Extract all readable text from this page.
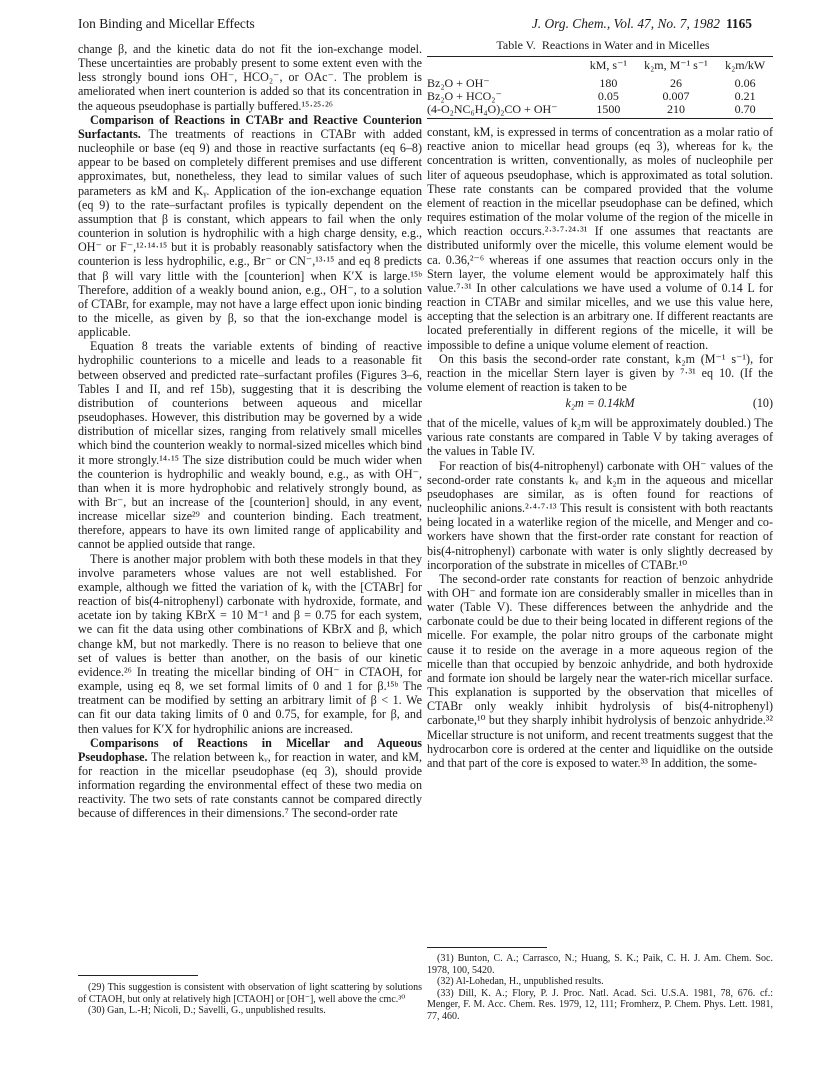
Ion Binding and Micellar Effects	J. Org. Chem., Vol. 47, No. 7, 1982 1165

change β, and the kinetic data do not fit the ion-exchange model. These uncertainties are probably present to some extent even with the less strongly bound ions OH⁻, HCO₂⁻, or OAc⁻. The problem is ameliorated when inert counterion is added so that its concentration in the aqueous pseudophase is partially buffered.¹⁵·²⁵·²⁶

Comparison of Reactions in CTABr and Reactive Counterion Surfactants. The treatments of reactions in CTABr with added nucleophile or base (eq 9) and those in reactive surfactants (eq 6–8) appear to be based on completely different premises and use different approximates, but, nonetheless, they lead to similar values of such parameters as kM and Kᵧ. Application of the ion-exchange equation (eq 9) to the rate–surfactant profiles is typically dependent on the assumption that β is constant, which appears to fail when the only counterion in solution is hydrophilic with a high charge density, e.g., OH⁻ or F⁻,¹²·¹⁴·¹⁵ but it is probably reasonably satisfactory when the counterion is less hydrophilic, e.g., Br⁻ or CN⁻,¹³·¹⁵ and eq 8 predicts that β will vary little with the [counterion] when K′X is large.¹⁵ᵇ Therefore, addition of a weakly bound anion, e.g., OH⁻, to a solution of CTABr, for example, may not have a large effect upon ionic binding to the micelle, as given by β, so that the ion-exchange model is applicable.

Equation 8 treats the variable extents of binding of reactive hydrophilic counterions to a micelle and leads to a reasonable fit between observed and predicted rate–surfactant profiles (Figures 3–6, Tables I and II, and ref 15b), suggesting that it is describing the distribution of counterions between aqueous and micellar pseudophases. However, this distribution may be governed by a wide distribution of micellar sizes, ranging from relatively small micelles which bind the counterion weakly to normal-sized micelles which bind it more strongly.¹⁴·¹⁵ The size distribution could be much wider when the counterion is hydrophilic and weakly bound, e.g., as with OH⁻, than when it is more hydrophobic and relatively strongly bound, as with Br⁻, but an increase of the [counterion] should, in any event, increase micellar size²⁹ and counterion binding. Each treatment, therefore, appears to have its own limited range of applicability and cannot be applied outside that range.

There is another major problem with both these models in that they involve parameters whose values are not well established. For example, although we fitted the variation of kᵧ with the [CTABr] for reaction of bis(4-nitrophenyl) carbonate with hydroxide, formate, and acetate ion by taking KBrX = 10 M⁻¹ and β = 0.75 for each system, we can fit the data using other combinations of KBrX and β, which change kM, but not markedly. There is no reason to believe that one set of values is better than another, on the basis of our kinetic evidence.²⁶ In treating the micellar binding of OH⁻ in CTAOH, for example, using eq 8, we set formal limits of 0 and 1 for β.¹⁵ᵇ The treatment can be modified by setting an arbitrary limit of β < 1. We can fit our data taking limits of 0 and 0.75, for example, for β, and then values for K′X for hydrophilic anions are increased.

Comparisons of Reactions in Micellar and Aqueous Pseudophase. The relation between kᵥ, for reaction in water, and kM, for reaction in the micellar pseudophase (eq 3), should provide information regarding the environmental effect of these two media on reactivity. The two sets of rate constants cannot be compared directly because of differences in their dimensions.⁷ The second-order rate

Table V. Reactions in Water and in Micelles
	kM, s⁻¹	k₂m, M⁻¹ s⁻¹	k₂m/kW
Bz₂O + OH⁻	180	26	0.06
Bz₂O + HCO₂⁻	0.05	0.007	0.21
(4-O₂NC₆H₄O)₂CO + OH⁻	1500	210	0.70

constant, kM, is expressed in terms of concentration as a molar ratio of reactive anion to micellar head groups (eq 3), whereas for kᵥ the concentration is written, conventionally, as moles of nucleophile per liter of aqueous pseudophase, which is approximated as total solution. These rate constants can be compared provided that the volume element of reaction in the micellar pseudophase can be defined, which requires estimation of the molar volume of the region of the micelle in which reaction occurs.²·³·⁷·²⁴·³¹ If one assumes that reactants are distributed uniformly over the micelle, this volume element would be ca. 0.36,²⁻⁶ whereas if one assumes that reaction occurs only in the Stern layer, the volume element would be approximately half this value.⁷·³¹ In other calculations we have used a volume of 0.14 L for reaction in CTABr and similar micelles, and we use this value here, accepting that the selection is an arbitrary one. If different reactants are located preferentially in different regions of the micelle, it will be impossible to define a unique volume element of reaction.

On this basis the second-order rate constant, k₂m (M⁻¹ s⁻¹), for reaction in the micellar Stern layer is given by ⁷·³¹ eq 10. (If the volume element of reaction is taken to be

k₂m = 0.14kM	(10)

that of the micelle, values of k₂m will be approximately doubled.) The various rate constants are compared in Table V by taking averages of the values in Table IV.

For reaction of bis(4-nitrophenyl) carbonate with OH⁻ values of the second-order rate constants kᵥ and k₂m in the aqueous and micellar pseudophases are similar, as is often found for reactions of nucleophilic anions.²·⁴·⁷·¹³ This result is consistent with both reactants being located in a waterlike region of the micelle, and Menger and co-workers have shown that the first-order rate constant for reaction of bis(4-nitrophenyl) carbonate with water is only slightly decreased by incorporation of the substrate in micelles of CTABr.¹⁰

The second-order rate constants for reaction of benzoic anhydride with OH⁻ and formate ion are considerably smaller in micelles than in water (Table V). These differences between the anhydride and the carbonate could be due to their being located in different regions of the micelle. For example, the polar nitro groups of the carbonate might cause it to reside on the average in a more aqueous region of the micelle than that occupied by benzoic anhydride, and both hydroxide and formate ion should be largely near the water-rich micellar surface. This explanation is supported by the observation that micelles of CTABr only weakly inhibit hydrolysis of bis(4-nitrophenyl) carbonate,¹⁰ but they sharply inhibit hydrolysis of benzoic anhydride.³² Micellar structure is not uniform, and recent treatments suggest that the hydrocarbon core is ordered at the center and liquidlike on the outside and that part of the core is exposed to water.³³ In addition, the some-

(29) This suggestion is consistent with observation of light scattering by solutions of CTAOH, but only at relatively high [CTAOH] or [OH⁻], well above the cmc.³⁰

(30) Gan, L.-H; Nicoli, D.; Savelli, G., unpublished results.

(31) Bunton, C. A.; Carrasco, N.; Huang, S. K.; Paik, C. H. J. Am. Chem. Soc. 1978, 100, 5420.

(32) Al-Lohedan, H., unpublished results.

(33) Dill, K. A.; Flory, P. J. Proc. Natl. Acad. Sci. U.S.A. 1981, 78, 676. cf.: Menger, F. M. Acc. Chem. Res. 1979, 12, 111; Fromherz, P. Chem. Phys. Lett. 1981, 77, 460.
